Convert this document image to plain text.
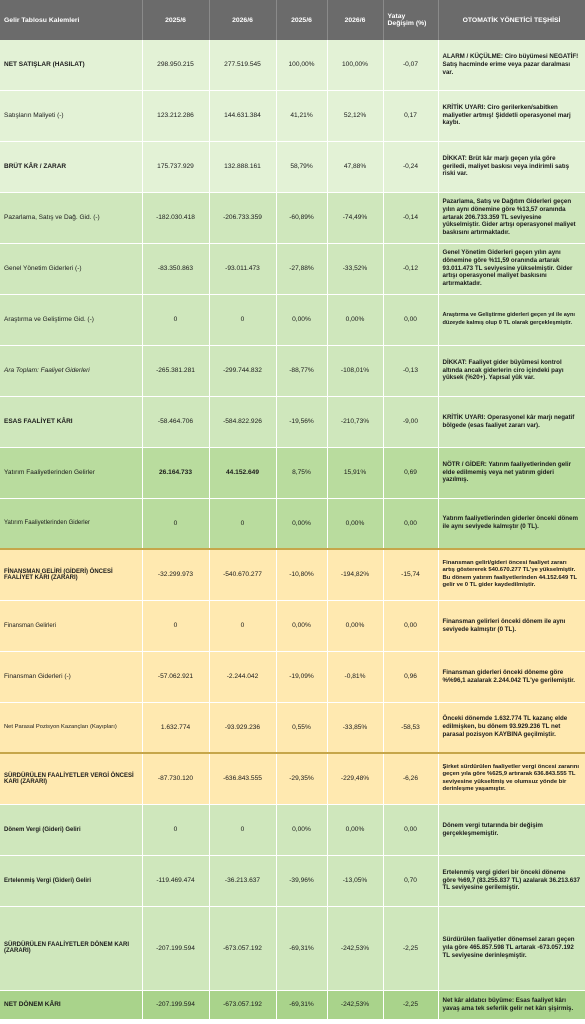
Gelir Tablosu Kalemleri	2025/6	2026/6	2025/6	2026/6	Yatay Değişim (%)	OTOMATİK YÖNETİCİ TEŞHİSİ
NET SATIŞLAR (HASILAT)	298.950.215	277.519.545	100,00%	100,00%	-0,07	ALARM / KÜÇÜLME: Ciro büyümesi NEGATİF! Satış hacminde erime veya pazar daralması var.
Satışların Maliyeti (-)	123.212.286	144.631.384	41,21%	52,12%	0,17	KRİTİK UYARI: Ciro gerilerken/sabitken maliyetler artmış! Şiddetli operasyonel marj kaybı.
BRÜT KÂR / ZARAR	175.737.929	132.888.161	58,79%	47,88%	-0,24	DİKKAT: Brüt kâr marjı geçen yıla göre geriledi, maliyet baskısı veya indirimli satış riski var.
Pazarlama, Satış ve Dağ. Gid. (-)	-182.030.418	-206.733.359	-60,89%	-74,49%	-0,14	Pazarlama, Satış ve Dağıtım Giderleri geçen yılın aynı dönemine göre %13,57 oranında artarak 206.733.359 TL seviyesine yükselmiştir. Gider artışı operasyonel maliyet baskısını artırmaktadır.
Genel Yönetim Giderleri (-)	-83.350.863	-93.011.473	-27,88%	-33,52%	-0,12	Genel Yönetim Giderleri geçen yılın aynı dönemine göre %11,59 oranında artarak 93.011.473 TL seviyesine yükselmiştir. Gider artışı operasyonel maliyet baskısını artırmaktadır.
Araştırma ve Geliştirme Gid. (-)	0	0	0,00%	0,00%	0,00	Araştırma ve Geliştirme giderleri geçen yıl ile aynı düzeyde kalmış olup 0 TL olarak gerçekleşmiştir.
Ara Toplam: Faaliyet Giderleri	-265.381.281	-299.744.832	-88,77%	-108,01%	-0,13	DİKKAT: Faaliyet gider büyümesi kontrol altında ancak giderlerin ciro içindeki payı yüksek (%20+). Yapısal yük var.
ESAS FAALİYET KÂRI	-58.464.706	-584.822.926	-19,56%	-210,73%	-9,00	KRİTİK UYARI: Operasyonel kâr marjı negatif bölgede (esas faaliyet zararı var).
Yatırım Faaliyetlerinden Gelirler	26.164.733	44.152.649	8,75%	15,91%	0,69	NÖTR / GİDER: Yatırım faaliyetlerinden gelir elde edilmemiş veya net yatırım gideri yazılmış.
Yatırım Faaliyetlerinden Giderler	0	0	0,00%	0,00%	0,00	Yatırım faaliyetlerinden giderler önceki dönem ile aynı seviyede kalmıştır (0 TL).
FİNANSMAN GELİRİ (GİDERİ) ÖNCESİ FAALİYET KÂRI (ZARARI)	-32.299.973	-540.670.277	-10,80%	-194,82%	-15,74	Finansman geliri/gideri öncesi faaliyet zararı artış göstererek 540.670.277 TL'ye yükselmiştir. Bu dönem yatırım faaliyetlerinden 44.152.649 TL gelir ve 0 TL gider kaydedilmiştir.
Finansman Gelirleri	0	0	0,00%	0,00%	0,00	Finansman gelirleri önceki dönem ile aynı seviyede kalmıştır (0 TL).
Finansman Giderleri (-)	-57.062.921	-2.244.042	-19,09%	-0,81%	0,96	Finansman giderleri önceki döneme göre %%96,1 azalarak 2.244.042 TL'ye gerilemiştir.
Net Parasal Pozisyon Kazançları (Kayıpları)	1.632.774	-93.929.236	0,55%	-33,85%	-58,53	Önceki dönemde 1.632.774 TL kazanç elde edilmişken, bu dönem 93.929.236 TL net parasal pozisyon KAYBINA geçilmiştir.
SÜRDÜRÜLEN FAALİYETLER VERGİ ÖNCESİ KARI (ZARARI)	-87.730.120	-636.843.555	-29,35%	-229,48%	-6,26	Şirket sürdürülen faaliyetler vergi öncesi zararını geçen yıla göre %625,9 artırarak 636.843.555 TL seviyesine yükseltmiş ve olumsuz yönde bir derinleşme yaşamıştır.
Dönem Vergi (Gideri) Geliri	0	0	0,00%	0,00%	0,00	Dönem vergi tutarında bir değişim gerçekleşmemiştir.
Ertelenmiş Vergi (Gideri) Geliri	-119.469.474	-36.213.637	-39,96%	-13,05%	0,70	Ertelenmiş vergi gideri bir önceki döneme göre %69,7 (83.255.837 TL) azalarak 36.213.637 TL seviyesine gerilemiştir.
SÜRDÜRÜLEN FAALİYETLER DÖNEM KARI (ZARARI)	-207.199.594	-673.057.192	-69,31%	-242,53%	-2,25	Sürdürülen faaliyetler dönemsel zararı geçen yıla göre 465.857.598 TL artarak -673.057.192 TL seviyesine derinleşmiştir.
NET DÖNEM KÂRI	-207.199.594	-673.057.192	-69,31%	-242,53%	-2,25	Net kâr aldatıcı büyüme: Esas faaliyet kârı yavaş ama tek seferlik gelir net kârı şişirmiş.
